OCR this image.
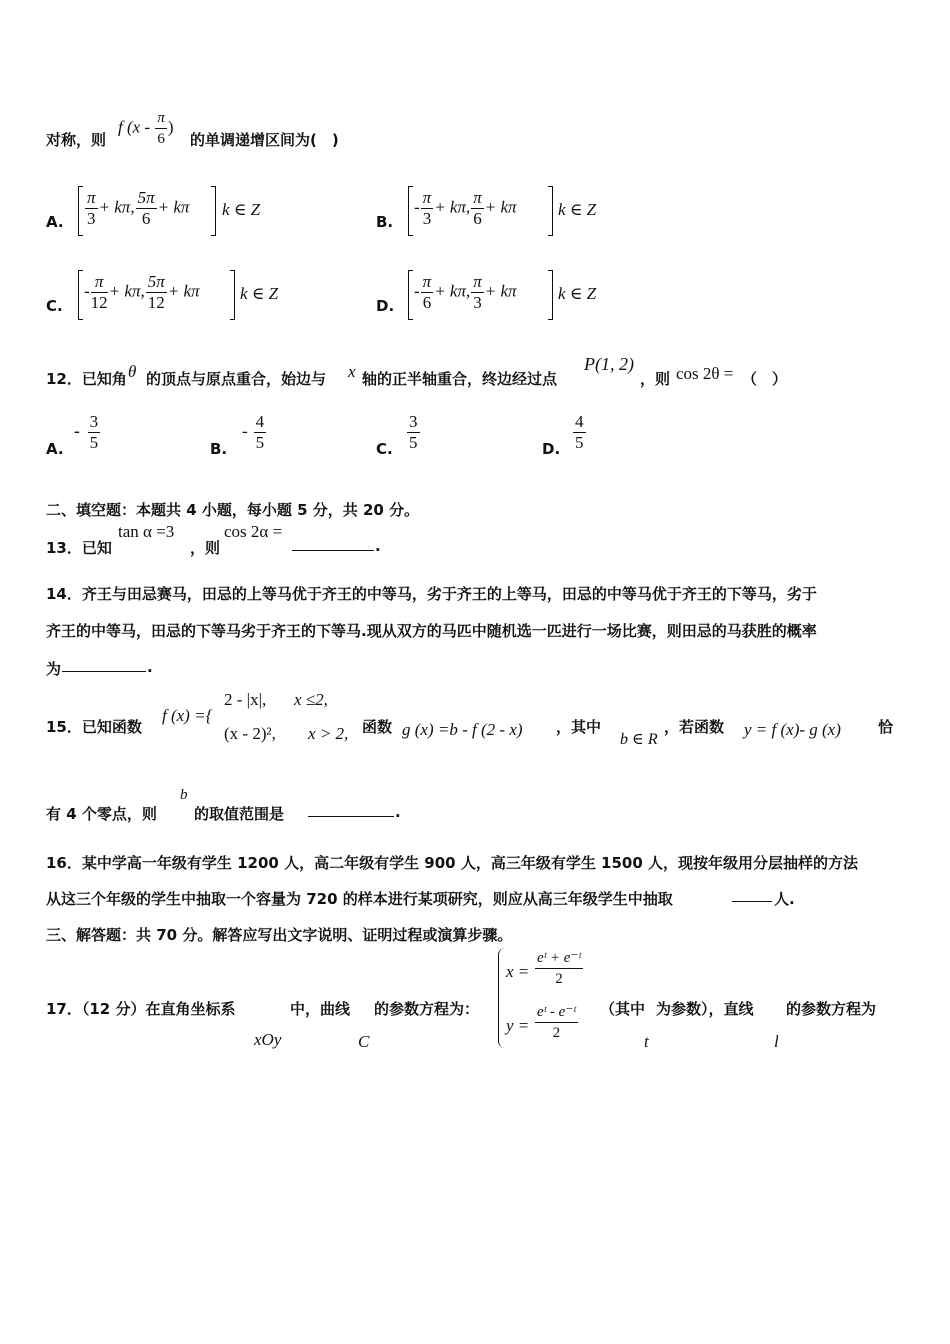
对称，则
f ($x - \frac{\pi}{6}$ )
的单调递增区间为(　)
A. $\frac{\pi}{3} + k\pi$, $\frac{5\pi}{6} + k\pi$ k ∈ Z
B.
- $\frac{\pi}{3} + k\pi$, $\frac{\pi}{6} + k\pi$ k ∈ Z
C.
- $\frac{\pi}{12} + k\pi$, $\frac{5\pi}{12} + k\pi$ k ∈ Z
D.
- $\frac{\pi}{6} + k\pi$, $\frac{\pi}{3} + k\pi$ k ∈ Z
12．已知角 θ 的顶点与原点重合，始边与 x 轴的正半轴重合，终边经过点
P(1, 2)
，则 cos 2θ = （　）
A.
- $\frac{3}{5}$	B.
- $\frac{4}{5}$	C. $\frac{3}{5}$	D. $\frac{4}{5}$
二、填空题：本题共 4 小题，每小题 5 分，共 20 分。
13．已知
tan α =3
，则
cos 2α =
.
14．齐王与田忌赛马，田忌的上等马优于齐王的中等马，劣于齐王的上等马，田忌的中等马优于齐王的下等马，劣于
齐王的中等马，田忌的下等马劣于齐王的下等马.现从双方的马匹中随机选一匹进行一场比赛，则田忌的马获胜的概率
为	.
15．已知函数
f (x) ={
2 - |x|, x ≤2,
(x - 2)², x > 2, 函数 g (x) =b - f (2 - x) ，其中
b ∈ R
，若函数 y = f (x)- g (x) 恰
有 4 个零点，则
b
的取值范围是	.
16．某中学高一年级有学生 1200 人，高二年级有学生 900 人，高三年级有学生 1500 人，现按年级用分层抽样的方法
从这三个年级的学生中抽取一个容量为 720 的样本进行某项研究，则应从高三年级学生中抽取	人.
三、解答题：共 70 分。解答应写出文字说明、证明过程或演算步骤。
17．（12 分）在直角坐标系
xOy
中，曲线
C
的参数方程为：
$x = \frac{\text{eᵗ + e⁻ᵗ}}{2}$
$y = \frac{\text{eᵗ - e⁻ᵗ}}{2}$ （其中
t
为参数），直线
l
的参数方程为
